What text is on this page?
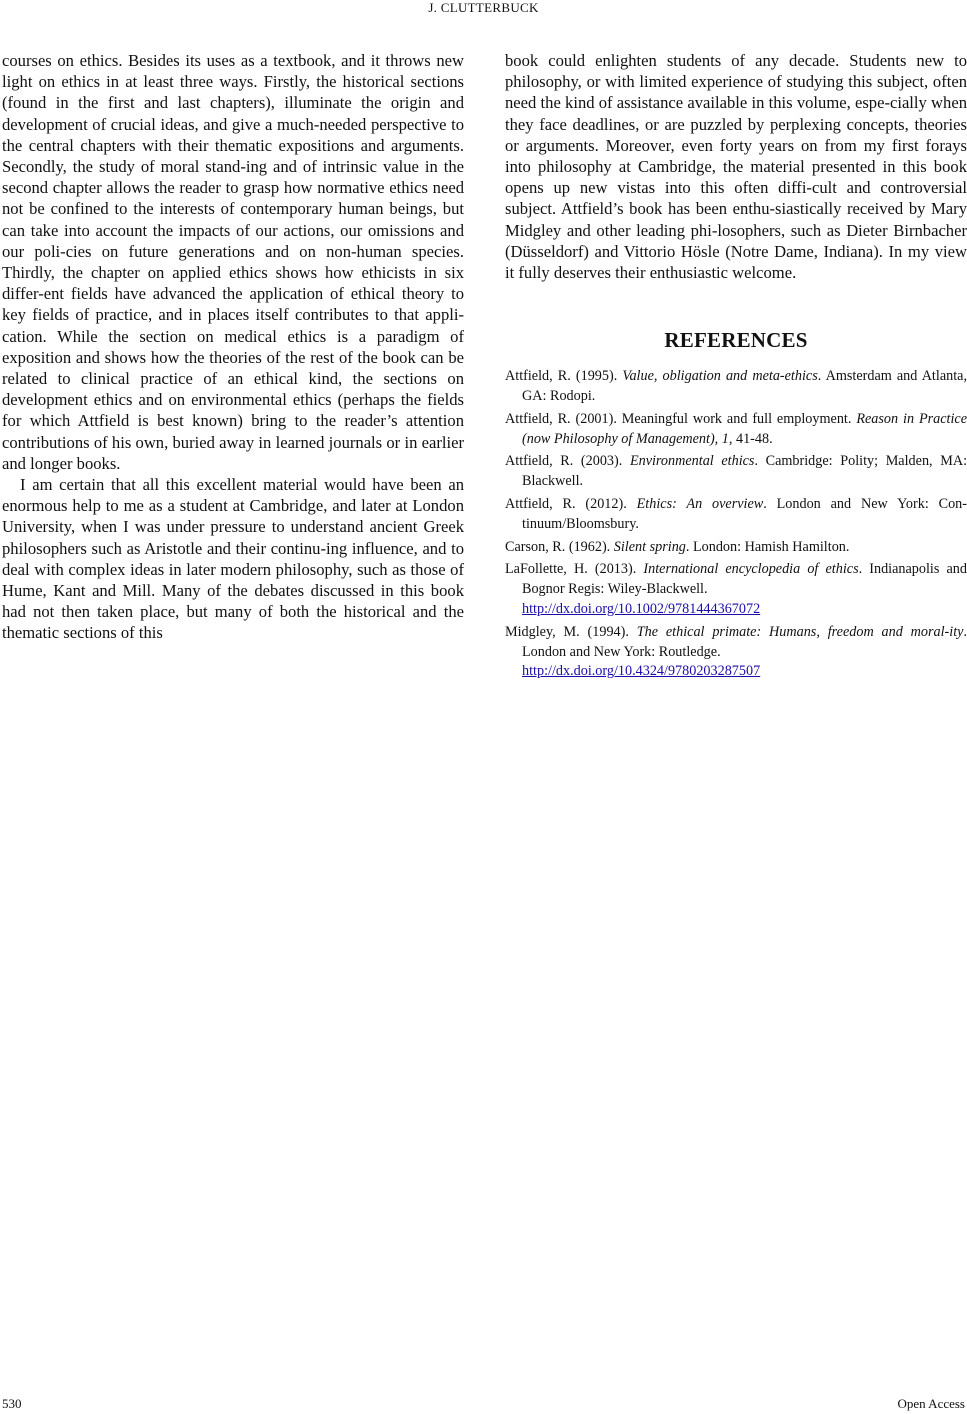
J. CLUTTERBUCK

courses on ethics. Besides its uses as a textbook, and it throws new light on ethics in at least three ways. Firstly, the historical sections (found in the first and last chapters), illuminate the origin and development of crucial ideas, and give a much-needed perspective to the central chapters with their thematic expositions and arguments. Secondly, the study of moral stand-ing and of intrinsic value in the second chapter allows the reader to grasp how normative ethics need not be confined to the interests of contemporary human beings, but can take into account the impacts of our actions, our omissions and our poli-cies on future generations and on non-human species. Thirdly, the chapter on applied ethics shows how ethicists in six differ-ent fields have advanced the application of ethical theory to key fields of practice, and in places itself contributes to that appli-cation. While the section on medical ethics is a paradigm of exposition and shows how the theories of the rest of the book can be related to clinical practice of an ethical kind, the sections on development ethics and on environmental ethics (perhaps the fields for which Attfield is best known) bring to the reader’s attention contributions of his own, buried away in learned journals or in earlier and longer books.

I am certain that all this excellent material would have been an enormous help to me as a student at Cambridge, and later at London University, when I was under pressure to understand ancient Greek philosophers such as Aristotle and their continu-ing influence, and to deal with complex ideas in later modern philosophy, such as those of Hume, Kant and Mill. Many of the debates discussed in this book had not then taken place, but many of both the historical and the thematic sections of this

book could enlighten students of any decade. Students new to philosophy, or with limited experience of studying this subject, often need the kind of assistance available in this volume, espe-cially when they face deadlines, or are puzzled by perplexing concepts, theories or arguments. Moreover, even forty years on from my first forays into philosophy at Cambridge, the material presented in this book opens up new vistas into this often diffi-cult and controversial subject. Attfield’s book has been enthu-siastically received by Mary Midgley and other leading phi-losophers, such as Dieter Birnbacher (Düsseldorf) and Vittorio Hösle (Notre Dame, Indiana). In my view it fully deserves their enthusiastic welcome.

REFERENCES
Attfield, R. (1995). Value, obligation and meta-ethics. Amsterdam and Atlanta, GA: Rodopi.
Attfield, R. (2001). Meaningful work and full employment. Reason in Practice (now Philosophy of Management), 1, 41-48.
Attfield, R. (2003). Environmental ethics. Cambridge: Polity; Malden, MA: Blackwell.
Attfield, R. (2012). Ethics: An overview. London and New York: Con-tinuum/Bloomsbury.
Carson, R. (1962). Silent spring. London: Hamish Hamilton.
LaFollette, H. (2013). International encyclopedia of ethics. Indianapolis and Bognor Regis: Wiley-Blackwell.
http://dx.doi.org/10.1002/9781444367072
Midgley, M. (1994). The ethical primate: Humans, freedom and moral-ity. London and New York: Routledge.
http://dx.doi.org/10.4324/9780203287507
530	Open Access
